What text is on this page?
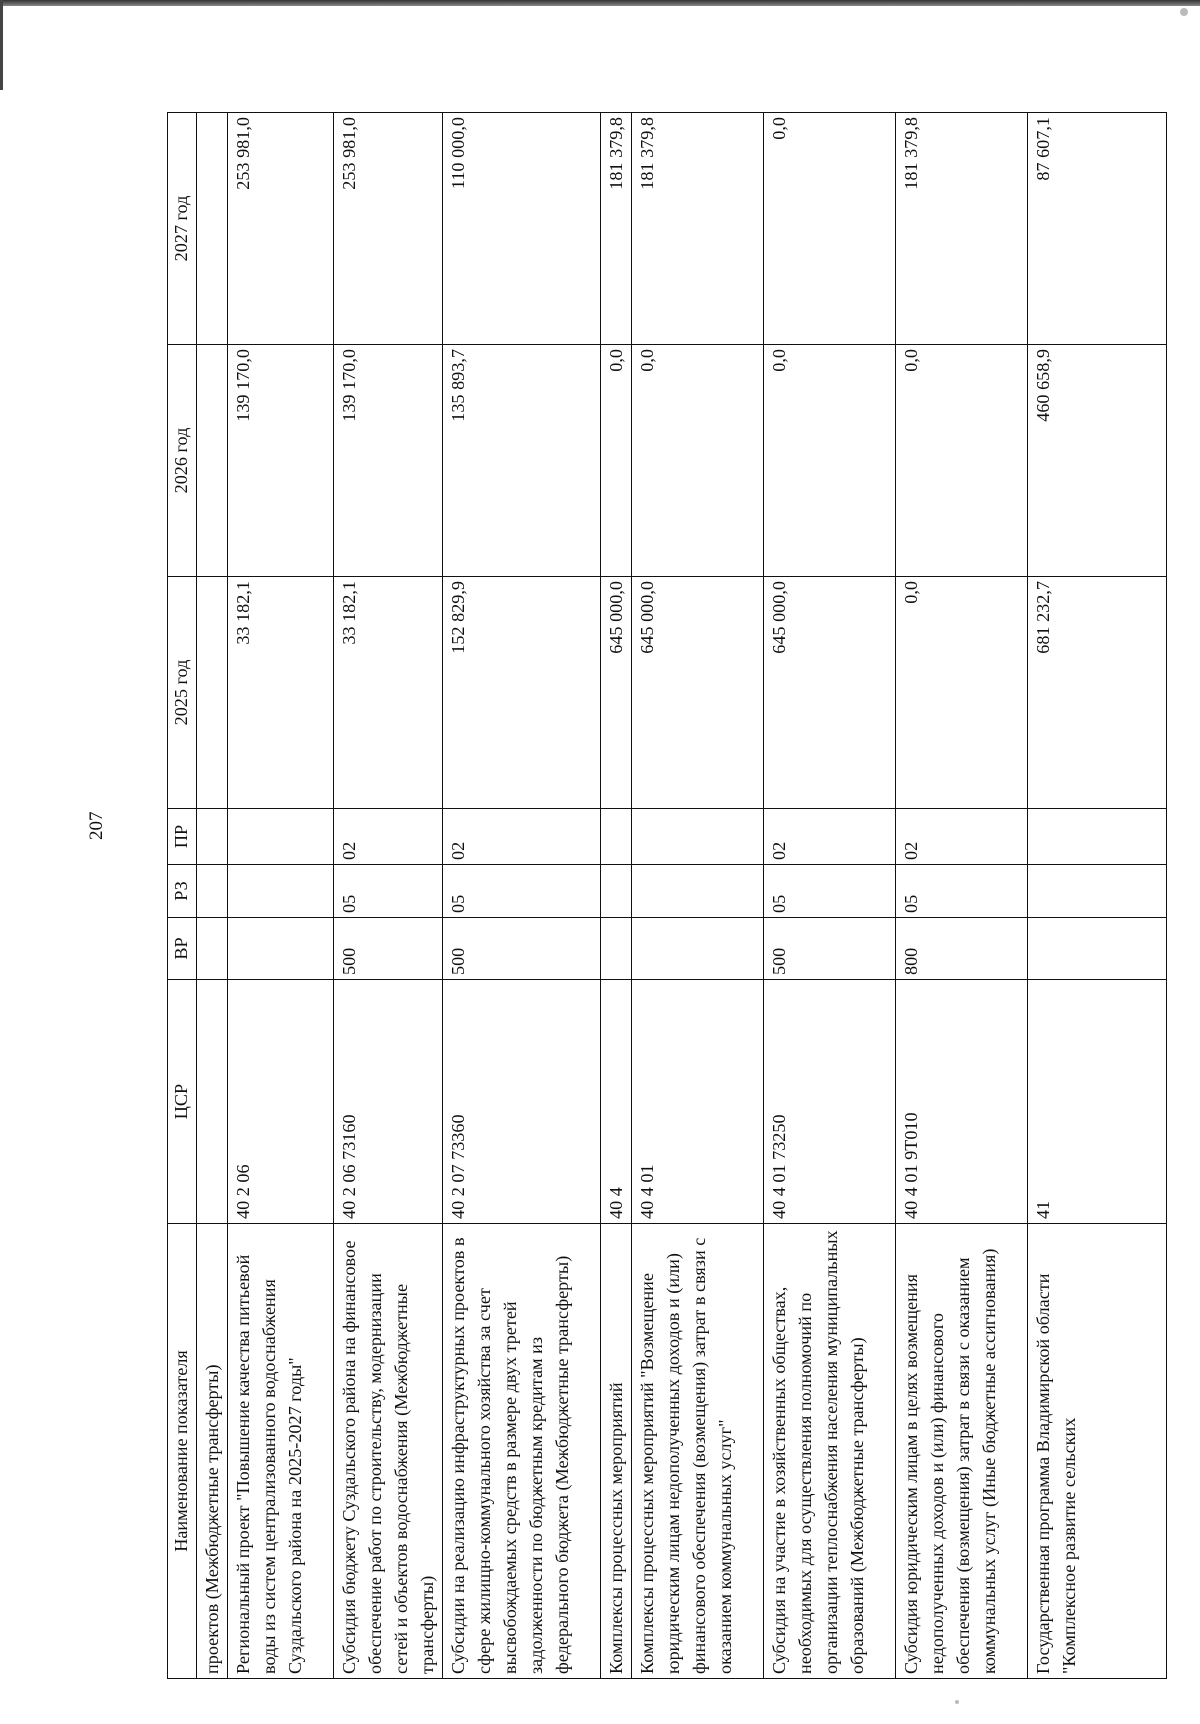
207
Наименование показателя	ЦСР	ВР	РЗ	ПР	2025 год	2026 год	2027 год
проектов (Межбюджетные трансферты)							
Региональный проект "Повышение качества питьевой воды из систем централизованного водоснабжения Суздальского района на 2025-2027 годы"	40 2 06				33 182,1	139 170,0	253 981,0
Субсидия бюджету Суздальского района на финансовое обеспечение работ по строительству, модернизации сетей и объектов водоснабжения (Межбюджетные трансферты)	40 2 06 73160	500	05	02	33 182,1	139 170,0	253 981,0
Субсидии на реализацию инфраструктурных проектов в сфере жилищно-коммунального хозяйства за счет высвобождаемых средств в размере двух третей задолженности по бюджетным кредитам из федерального бюджета (Межбюджетные трансферты)	40 2 07 73360	500	05	02	152 829,9	135 893,7	110 000,0
Комплексы процессных мероприятий	40 4				645 000,0	0,0	181 379,8
Комплексы процессных мероприятий "Возмещение юридическим лицам недополученных доходов и (или) финансового обеспечения (возмещения) затрат в связи с оказанием коммунальных услуг"	40 4 01				645 000,0	0,0	181 379,8
Субсидия на участие в хозяйственных обществах, необходимых для осуществления полномочий по организации теплоснабжения населения муниципальных образований (Межбюджетные трансферты)	40 4 01 73250	500	05	02	645 000,0	0,0	0,0
Субсидия юридическим лицам в целях возмещения недополученных доходов и (или) финансового обеспечения (возмещения) затрат в связи с оказанием коммунальных услуг (Иные бюджетные ассигнования)	40 4 01 9Т010	800	05	02	0,0	0,0	181 379,8
Государственная программа Владимирской области "Комплексное развитие сельских	41				681 232,7	460 658,9	87 607,1
